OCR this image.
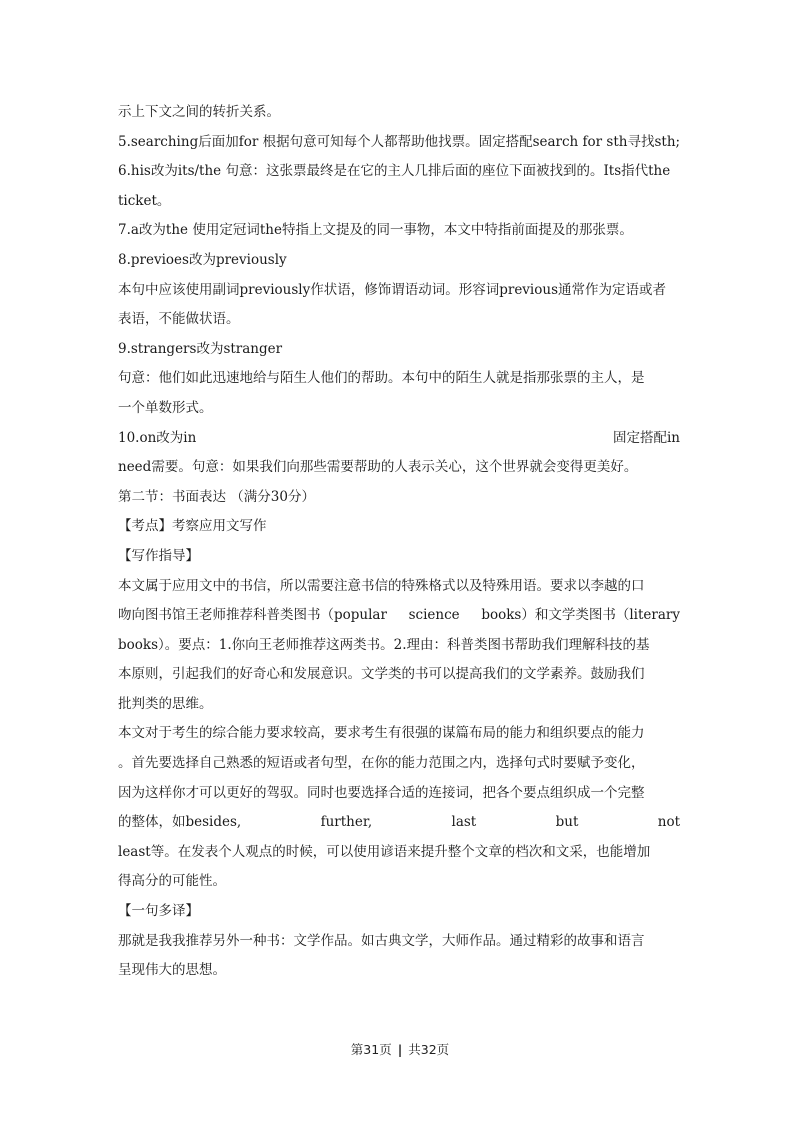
示上下文之间的转折关系。
5.searching后面加for 根据句意可知每个人都帮助他找票。固定搭配search for sth寻找sth;
6.his改为its/the 句意：这张票最终是在它的主人几排后面的座位下面被找到的。Its指代the
ticket。
7.a改为the 使用定冠词the特指上文提及的同一事物，本文中特指前面提及的那张票。
8.previoes改为previously
本句中应该使用副词previously作状语，修饰谓语动词。形容词previous通常作为定语或者
表语，不能做状语。
9.strangers改为stranger
句意：他们如此迅速地给与陌生人他们的帮助。本句中的陌生人就是指那张票的主人，是
一个单数形式。
10.on改为in	固定搭配in
need需要。句意：如果我们向那些需要帮助的人表示关心，这个世界就会变得更美好。
第二节：书面表达 （满分30分）
【考点】考察应用文写作
【写作指导】
本文属于应用文中的书信，所以需要注意书信的特殊格式以及特殊用语。要求以李越的口
吻向图书馆王老师推荐科普类图书（popular science books）和文学类图书（literary
books）。要点：1.你向王老师推荐这两类书。2.理由：科普类图书帮助我们理解科技的基
本原则，引起我们的好奇心和发展意识。文学类的书可以提高我们的文学素养。鼓励我们
批判类的思维。
本文对于考生的综合能力要求较高，要求考生有很强的谋篇布局的能力和组织要点的能力
。首先要选择自己熟悉的短语或者句型，在你的能力范围之内，选择句式时要赋予变化，
因为这样你才可以更好的驾驭。同时也要选择合适的连接词，把各个要点组织成一个完整
的整体，如besides,	further,	last	but	not
least等。在发表个人观点的时候，可以使用谚语来提升整个文章的档次和文采，也能增加
得高分的可能性。
【一句多译】
那就是我我推荐另外一种书：文学作品。如古典文学，大师作品。通过精彩的故事和语言
呈现伟大的思想。
第31页 | 共32页
